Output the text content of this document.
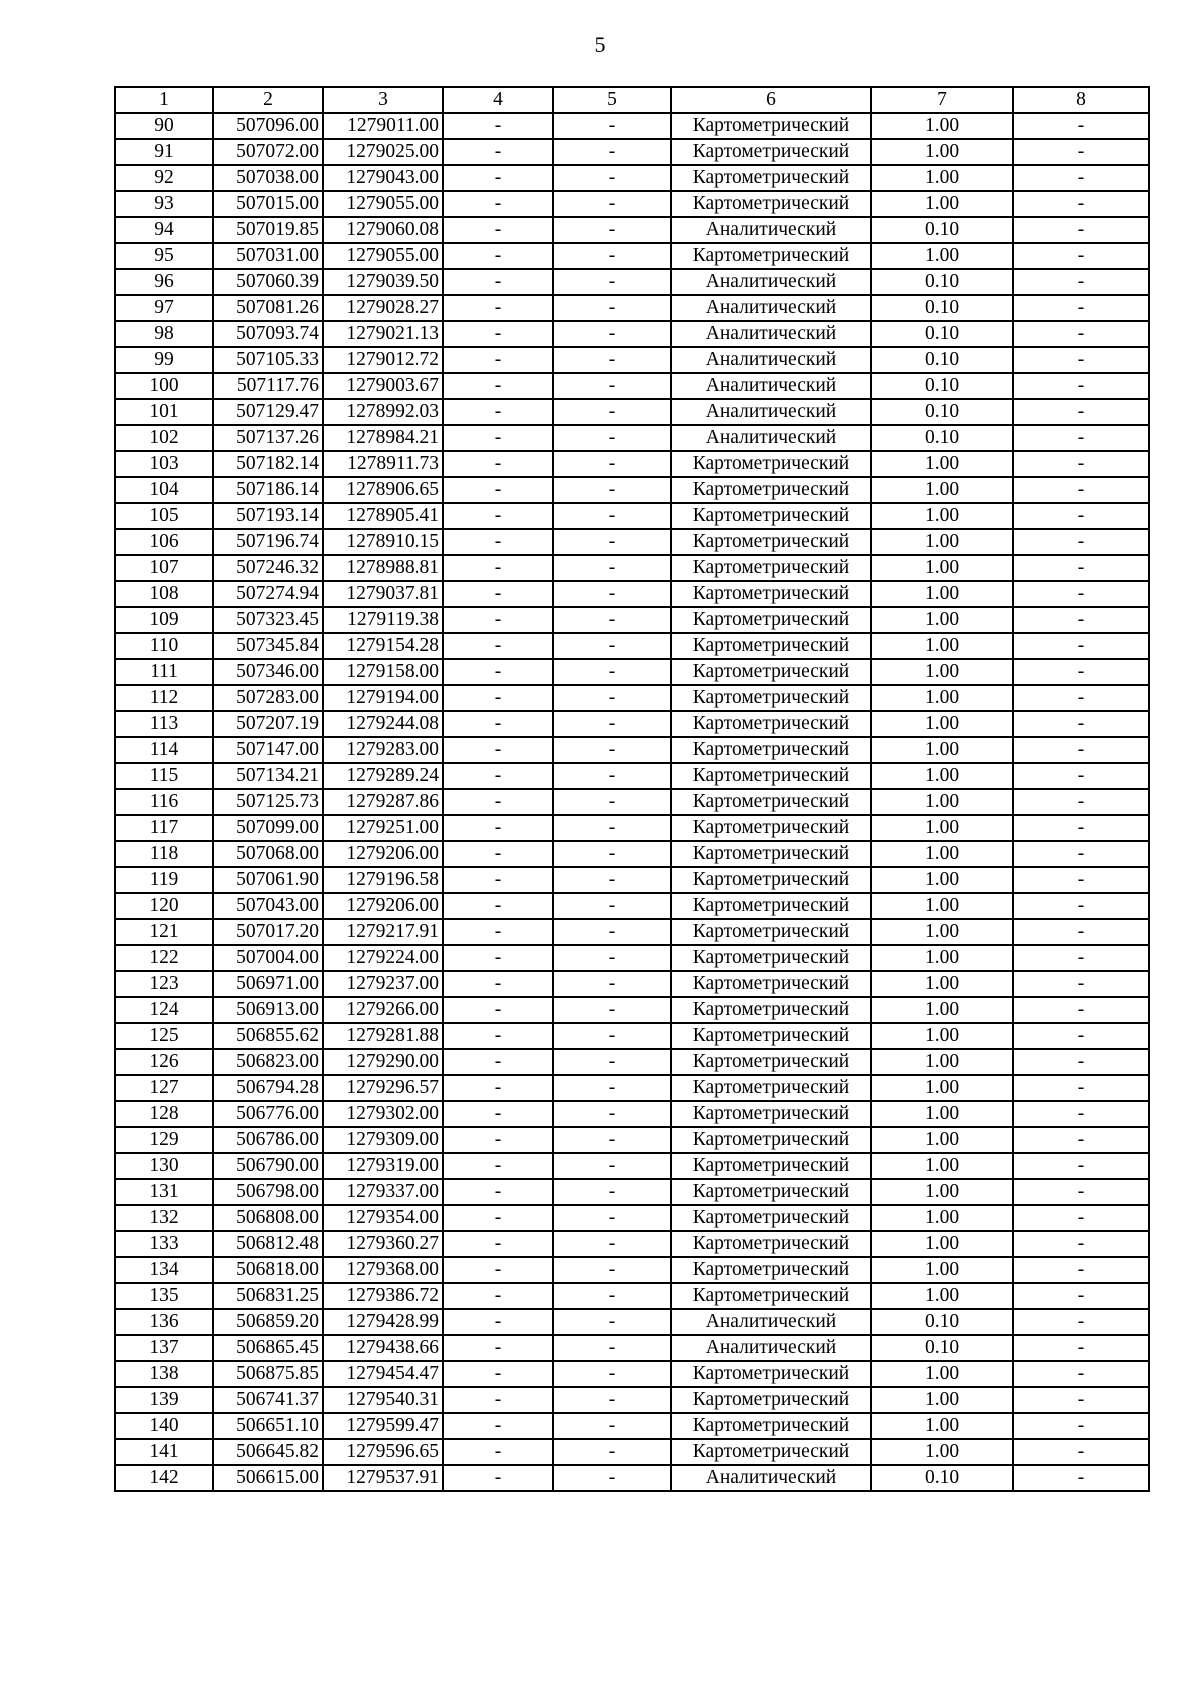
5
1	2	3	4	5	6	7	8
90	507096.00	1279011.00	-	-	Картометрический	1.00	-
91	507072.00	1279025.00	-	-	Картометрический	1.00	-
92	507038.00	1279043.00	-	-	Картометрический	1.00	-
93	507015.00	1279055.00	-	-	Картометрический	1.00	-
94	507019.85	1279060.08	-	-	Аналитический	0.10	-
95	507031.00	1279055.00	-	-	Картометрический	1.00	-
96	507060.39	1279039.50	-	-	Аналитический	0.10	-
97	507081.26	1279028.27	-	-	Аналитический	0.10	-
98	507093.74	1279021.13	-	-	Аналитический	0.10	-
99	507105.33	1279012.72	-	-	Аналитический	0.10	-
100	507117.76	1279003.67	-	-	Аналитический	0.10	-
101	507129.47	1278992.03	-	-	Аналитический	0.10	-
102	507137.26	1278984.21	-	-	Аналитический	0.10	-
103	507182.14	1278911.73	-	-	Картометрический	1.00	-
104	507186.14	1278906.65	-	-	Картометрический	1.00	-
105	507193.14	1278905.41	-	-	Картометрический	1.00	-
106	507196.74	1278910.15	-	-	Картометрический	1.00	-
107	507246.32	1278988.81	-	-	Картометрический	1.00	-
108	507274.94	1279037.81	-	-	Картометрический	1.00	-
109	507323.45	1279119.38	-	-	Картометрический	1.00	-
110	507345.84	1279154.28	-	-	Картометрический	1.00	-
111	507346.00	1279158.00	-	-	Картометрический	1.00	-
112	507283.00	1279194.00	-	-	Картометрический	1.00	-
113	507207.19	1279244.08	-	-	Картометрический	1.00	-
114	507147.00	1279283.00	-	-	Картометрический	1.00	-
115	507134.21	1279289.24	-	-	Картометрический	1.00	-
116	507125.73	1279287.86	-	-	Картометрический	1.00	-
117	507099.00	1279251.00	-	-	Картометрический	1.00	-
118	507068.00	1279206.00	-	-	Картометрический	1.00	-
119	507061.90	1279196.58	-	-	Картометрический	1.00	-
120	507043.00	1279206.00	-	-	Картометрический	1.00	-
121	507017.20	1279217.91	-	-	Картометрический	1.00	-
122	507004.00	1279224.00	-	-	Картометрический	1.00	-
123	506971.00	1279237.00	-	-	Картометрический	1.00	-
124	506913.00	1279266.00	-	-	Картометрический	1.00	-
125	506855.62	1279281.88	-	-	Картометрический	1.00	-
126	506823.00	1279290.00	-	-	Картометрический	1.00	-
127	506794.28	1279296.57	-	-	Картометрический	1.00	-
128	506776.00	1279302.00	-	-	Картометрический	1.00	-
129	506786.00	1279309.00	-	-	Картометрический	1.00	-
130	506790.00	1279319.00	-	-	Картометрический	1.00	-
131	506798.00	1279337.00	-	-	Картометрический	1.00	-
132	506808.00	1279354.00	-	-	Картометрический	1.00	-
133	506812.48	1279360.27	-	-	Картометрический	1.00	-
134	506818.00	1279368.00	-	-	Картометрический	1.00	-
135	506831.25	1279386.72	-	-	Картометрический	1.00	-
136	506859.20	1279428.99	-	-	Аналитический	0.10	-
137	506865.45	1279438.66	-	-	Аналитический	0.10	-
138	506875.85	1279454.47	-	-	Картометрический	1.00	-
139	506741.37	1279540.31	-	-	Картометрический	1.00	-
140	506651.10	1279599.47	-	-	Картометрический	1.00	-
141	506645.82	1279596.65	-	-	Картометрический	1.00	-
142	506615.00	1279537.91	-	-	Аналитический	0.10	-
